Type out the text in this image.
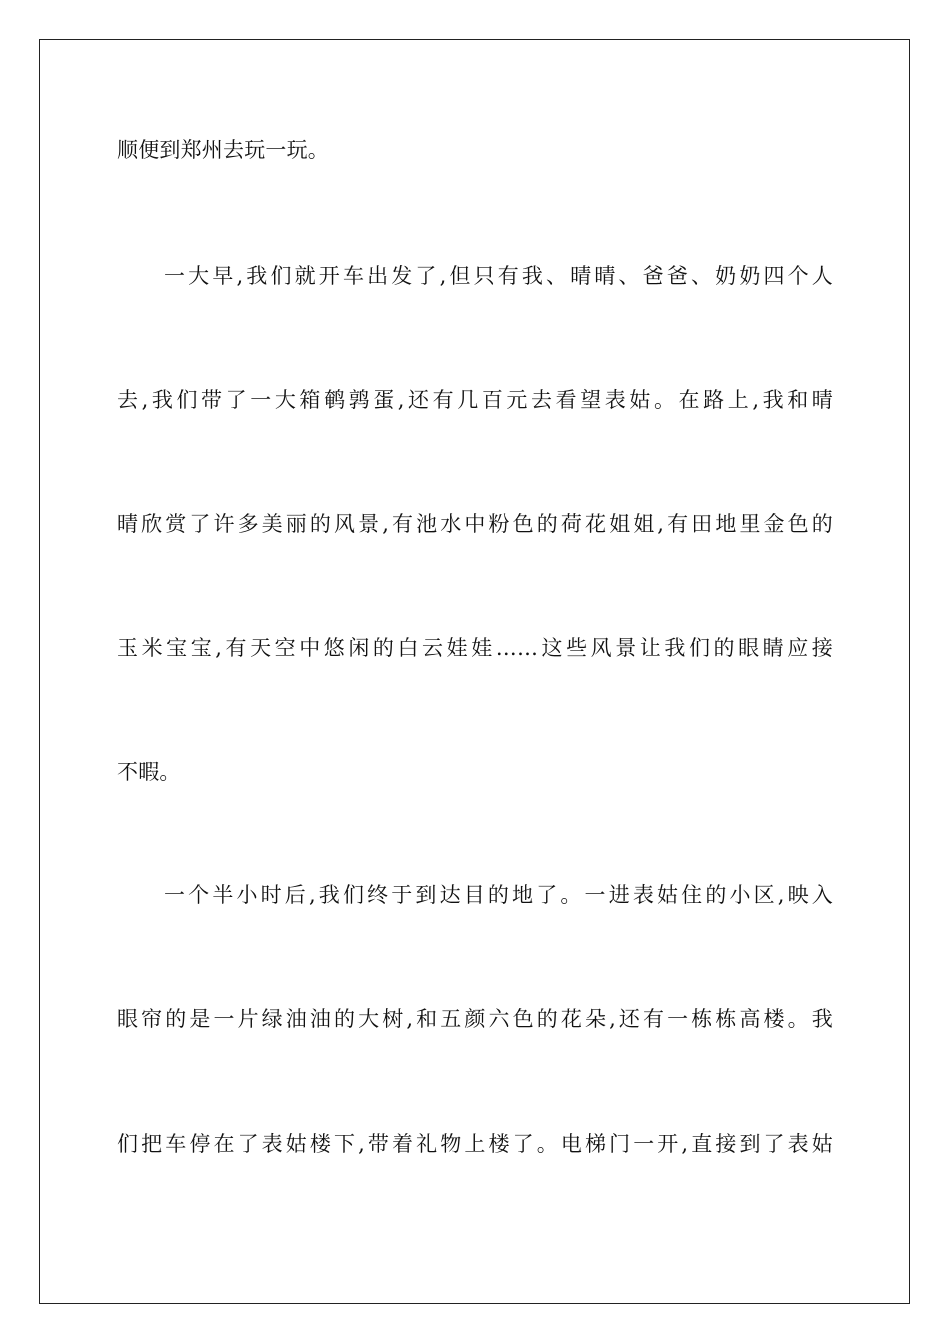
顺便到郑州去玩一玩。
一大早,我们就开车出发了,但只有我、晴晴、爸爸、奶奶四个人
去,我们带了一大箱鹌鹑蛋,还有几百元去看望表姑。在路上,我和晴
晴欣赏了许多美丽的风景,有池水中粉色的荷花姐姐,有田地里金色的
玉米宝宝,有天空中悠闲的白云娃娃……这些风景让我们的眼睛应接
不暇。
一个半小时后,我们终于到达目的地了。一进表姑住的小区,映入
眼帘的是一片绿油油的大树,和五颜六色的花朵,还有一栋栋高楼。我
们把车停在了表姑楼下,带着礼物上楼了。电梯门一开,直接到了表姑
